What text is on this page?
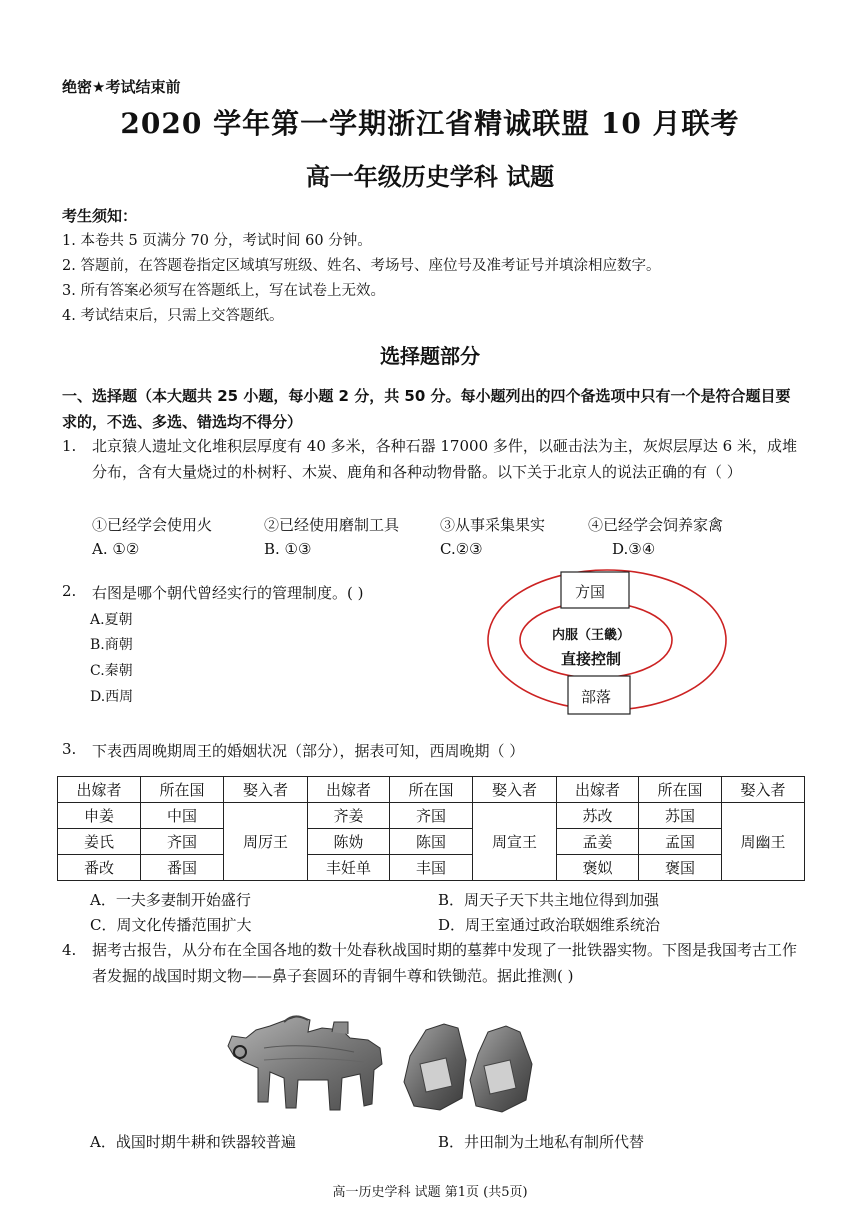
绝密★考试结束前
2020 学年第一学期浙江省精诚联盟 10 月联考
高一年级历史学科 试题
考生须知：
1. 本卷共 5 页满分 70 分，考试时间 60 分钟。
2. 答题前，在答题卷指定区域填写班级、姓名、考场号、座位号及准考证号并填涂相应数字。
3. 所有答案必须写在答题纸上，写在试卷上无效。
4. 考试结束后，只需上交答题纸。
选择题部分
一、选择题（本大题共 25 小题，每小题 2 分，共 50 分。每小题列出的四个备选项中只有一个是符合题目要求的，不选、多选、错选均不得分）
1. 北京猿人遗址文化堆积层厚度有 40 多米，各种石器 17000 多件，以砸击法为主，灰烬层厚达 6 米，成堆分布，含有大量烧过的朴树籽、木炭、鹿角和各种动物骨骼。以下关于北京人的说法正确的有（ ）
①已经学会使用火	②已经使用磨制工具	③从事采集果实	④已经学会饲养家禽
A. ①②	B. ①③	C.②③	D.③④
2. 右图是哪个朝代曾经实行的管理制度。( )
A.夏朝
B.商朝
C.秦朝
D.西周
方国
内服（王畿）
直接控制
部落
3. 下表西周晚期周王的婚姻状况（部分），据表可知，西周晚期（ ）
出嫁者	所在国	娶入者	出嫁者	所在国	娶入者	出嫁者	所在国	娶入者
申姜	中国	周厉王	齐姜	齐国	周宣王	苏改	苏国	周幽王
姜氏	齐国		陈妫	陈国		孟姜	孟国	
番改	番国		丰妊单	丰国		褒姒	褒国	
A．一夫多妻制开始盛行	B．周天子天下共主地位得到加强
C．周文化传播范围扩大	D．周王室通过政治联姻维系统治
4. 据考古报告，从分布在全国各地的数十处春秋战国时期的墓葬中发现了一批铁器实物。下图是我国考古工作者发掘的战国时期文物——鼻子套圆环的青铜牛尊和铁锄范。据此推测( )
A．战国时期牛耕和铁器较普遍	B．井田制为土地私有制所代替
高一历史学科 试题 第1页 (共5页)
